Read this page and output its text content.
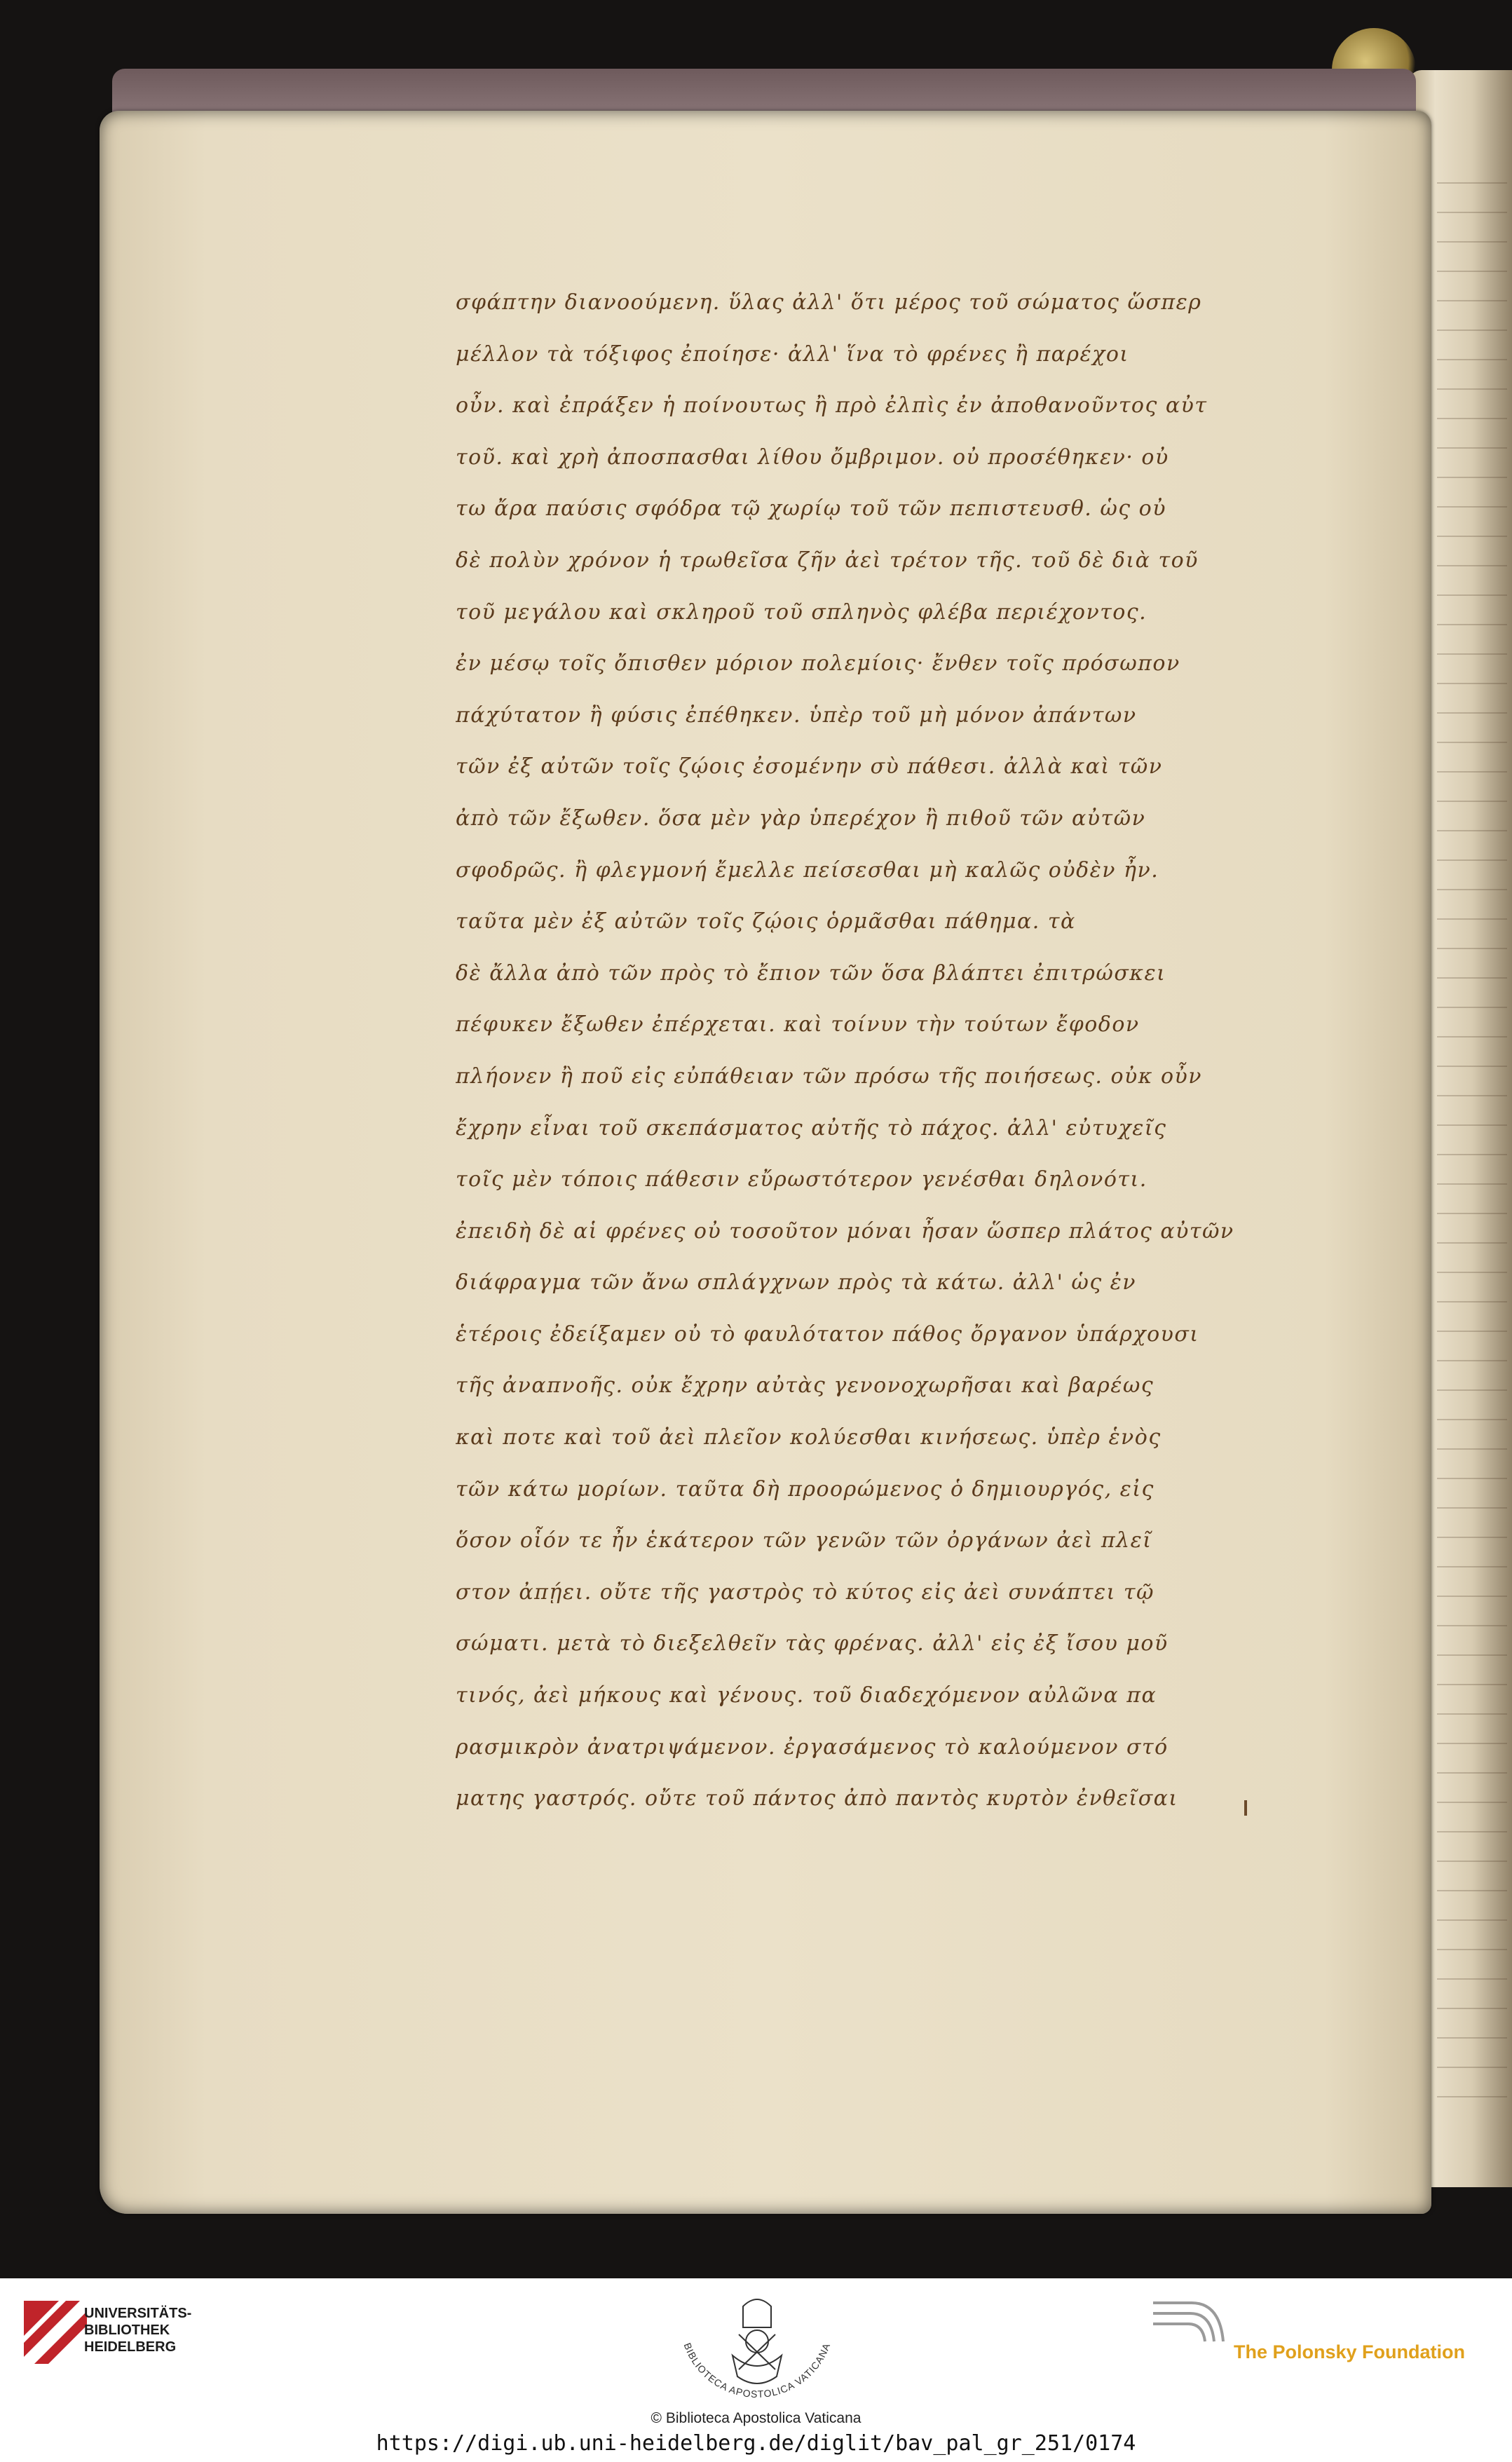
σφάπτην διανοούμενη. ὕλας ἀλλ' ὅτι μέρος τοῦ σώματος ὥσπερ
μέλλον τὰ τόξιφος ἐποίησε· ἀλλ' ἵνα τὸ φρένες ἢ παρέχοι
οὖν. καὶ ἐπράξεν ἡ ποίνουτως ἢ πρὸ ἐλπὶς ἐν ἀποθανοῦντος αὐτ
τοῦ. καὶ χρὴ ἀποσπασθαι λίθου ὄμβριμον. οὐ προσέθηκεν· οὐ
τω ἄρα παύσις σφόδρα τῷ χωρίῳ τοῦ τῶν πεπιστευσθ. ὡς οὐ
δὲ πολὺν χρόνον ἡ τρωθεῖσα ζῆν ἀεὶ τρέτον τῆς. τοῦ δὲ διὰ τοῦ
τοῦ μεγάλου καὶ σκληροῦ τοῦ σπληνὸς φλέβα περιέχοντος.
ἐν μέσῳ τοῖς ὄπισθεν μόριον πολεμίοις· ἔνθεν τοῖς πρόσωπον
πάχύτατον ἢ φύσις ἐπέθηκεν. ὑπὲρ τοῦ μὴ μόνον ἀπάντων
τῶν ἐξ αὐτῶν τοῖς ζῴοις ἐσομένην σὺ πάθεσι. ἀλλὰ καὶ τῶν
ἀπὸ τῶν ἔξωθεν. ὅσα μὲν γὰρ ὑπερέχον ἢ πιθοῦ τῶν αὐτῶν
σφοδρῶς. ἢ φλεγμονή ἔμελλε πείσεσθαι μὴ καλῶς οὐδὲν ἦν.
ταῦτα μὲν ἐξ αὐτῶν τοῖς ζῴοις ὁρμᾶσθαι πάθημα. τὰ
δὲ ἄλλα ἀπὸ τῶν πρὸς τὸ ἔπιον τῶν ὅσα βλάπτει ἐπιτρώσκει
πέφυκεν ἔξωθεν ἐπέρχεται. καὶ τοίνυν τὴν τούτων ἔφοδον
πλήονεν ἢ ποῦ εἰς εὐπάθειαν τῶν πρόσω τῆς ποιήσεως. οὐκ οὖν
ἔχρην εἶναι τοῦ σκεπάσματος αὐτῆς τὸ πάχος. ἀλλ' εὐτυχεῖς
τοῖς μὲν τόποις πάθεσιν εὔρωστότερον γενέσθαι δηλονότι.
ἐπειδὴ δὲ αἱ φρένες οὐ τοσοῦτον μόναι ἦσαν ὥσπερ πλάτος αὐτῶν
διάφραγμα τῶν ἄνω σπλάγχνων πρὸς τὰ κάτω. ἀλλ' ὡς ἐν
ἑτέροις ἐδείξαμεν οὐ τὸ φαυλότατον πάθος ὄργανον ὑπάρχουσι
τῆς ἀναπνοῆς. οὐκ ἔχρην αὐτὰς γενονοχωρῆσαι καὶ βαρέως
καὶ ποτε καὶ τοῦ ἀεὶ πλεῖον κολύεσθαι κινήσεως. ὑπὲρ ἑνὸς
τῶν κάτω μορίων. ταῦτα δὴ προορώμενος ὁ δημιουργός, εἰς
ὅσον οἷόν τε ἦν ἑκάτερον τῶν γενῶν τῶν ὀργάνων ἀεὶ πλεῖ
στον ἀπῄει. οὔτε τῆς γαστρὸς τὸ κύτος εἰς ἀεὶ συνάπτει τῷ
σώματι. μετὰ τὸ διεξελθεῖν τὰς φρένας. ἀλλ' εἰς ἐξ ἴσου μοῦ
τινός, ἀεὶ μήκους καὶ γένους. τοῦ διαδεχόμενον αὐλῶνα πα
ρασμικρὸν ἀνατριψάμενον. ἐργασάμενος τὸ καλούμενον στό
ματης γαστρός. οὔτε τοῦ πάντος ἀπὸ παντὸς κυρτὸν ἐνθεῖσαι
UNIVERSITÄTS-
BIBLIOTHEK
HEIDELBERG	BIBLIOTECA APOSTOLICA VATICANA
© Biblioteca Apostolica Vaticana
https://digi.ub.uni-heidelberg.de/diglit/bav_pal_gr_251/0174
The Polonsky Foundation
